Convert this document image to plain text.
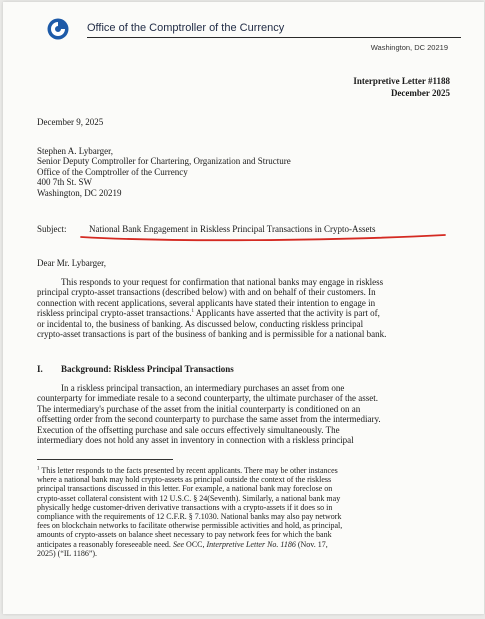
Office of the Comptroller of the Currency
Washington, DC 20219
Interpretive Letter #1188
December 2025
December 9, 2025
Stephen A. Lybarger,
Senior Deputy Comptroller for Chartering, Organization and Structure
Office of the Comptroller of the Currency
400 7th St. SW
Washington, DC 20219
Subject:	National Bank Engagement in Riskless Principal Transactions in Crypto-Assets
Dear Mr. Lybarger,
This responds to your request for confirmation that national banks may engage in riskless
principal crypto-asset transactions (described below) with and on behalf of their customers. In
connection with recent applications, several applicants have stated their intention to engage in
riskless principal crypto-asset transactions.$^1$ Applicants have asserted that the activity is part of,
or incidental to, the business of banking. As discussed below, conducting riskless principal
crypto-asset transactions is part of the business of banking and is permissible for a national bank.
I. Background: Riskless Principal Transactions
In a riskless principal transaction, an intermediary purchases an asset from one
counterparty for immediate resale to a second counterparty, the ultimate purchaser of the asset.
The intermediary's purchase of the asset from the initial counterparty is conditioned on an
offsetting order from the second counterparty to purchase the same asset from the intermediary.
Execution of the offsetting purchase and sale occurs effectively simultaneously. The
intermediary does not hold any asset in inventory in connection with a riskless principal
$^1$ This letter responds to the facts presented by recent applicants. There may be other instances
where a national bank may hold crypto-assets as principal outside the context of the riskless
principal transactions discussed in this letter. For example, a national bank may foreclose on
crypto-asset collateral consistent with 12 U.S.C. § 24(Seventh). Similarly, a national bank may
physically hedge customer-driven derivative transactions with a crypto-assets if it does so in
compliance with the requirements of 12 C.F.R. § 7.1030. National banks may also pay network
fees on blockchain networks to facilitate otherwise permissible activities and hold, as principal,
amounts of crypto-assets on balance sheet necessary to pay network fees for which the bank
anticipates a reasonably foreseeable need. See OCC, Interpretive Letter No. 1186 (Nov. 17,
2025) (“IL 1186”).
